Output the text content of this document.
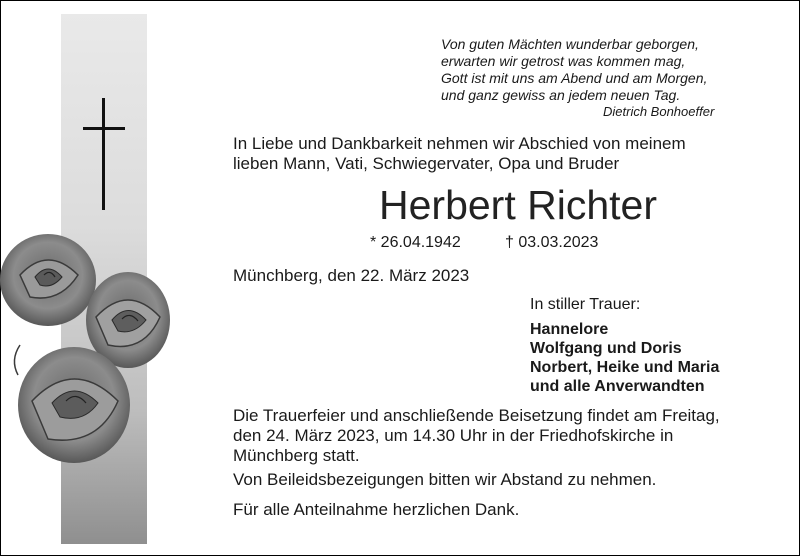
Von guten Mächten wunderbar geborgen,
erwarten wir getrost was kommen mag,
Gott ist mit uns am Abend und am Morgen,
und ganz gewiss an jedem neuen Tag.
Dietrich Bonhoeffer
In Liebe und Dankbarkeit nehmen wir Abschied von meinem
lieben Mann, Vati, Schwiegervater, Opa und Bruder
Herbert Richter
* 26.04.1942	† 03.03.2023
Münchberg, den 22. März 2023
In stiller Trauer:
Hannelore
Wolfgang und Doris
Norbert, Heike und Maria
und alle Anverwandten
Die Trauerfeier und anschließende Beisetzung findet am Freitag,
den 24. März 2023, um 14.30 Uhr in der Friedhofskirche in
Münchberg statt.
Von Beileidsbezeigungen bitten wir Abstand zu nehmen.
Für alle Anteilnahme herzlichen Dank.
